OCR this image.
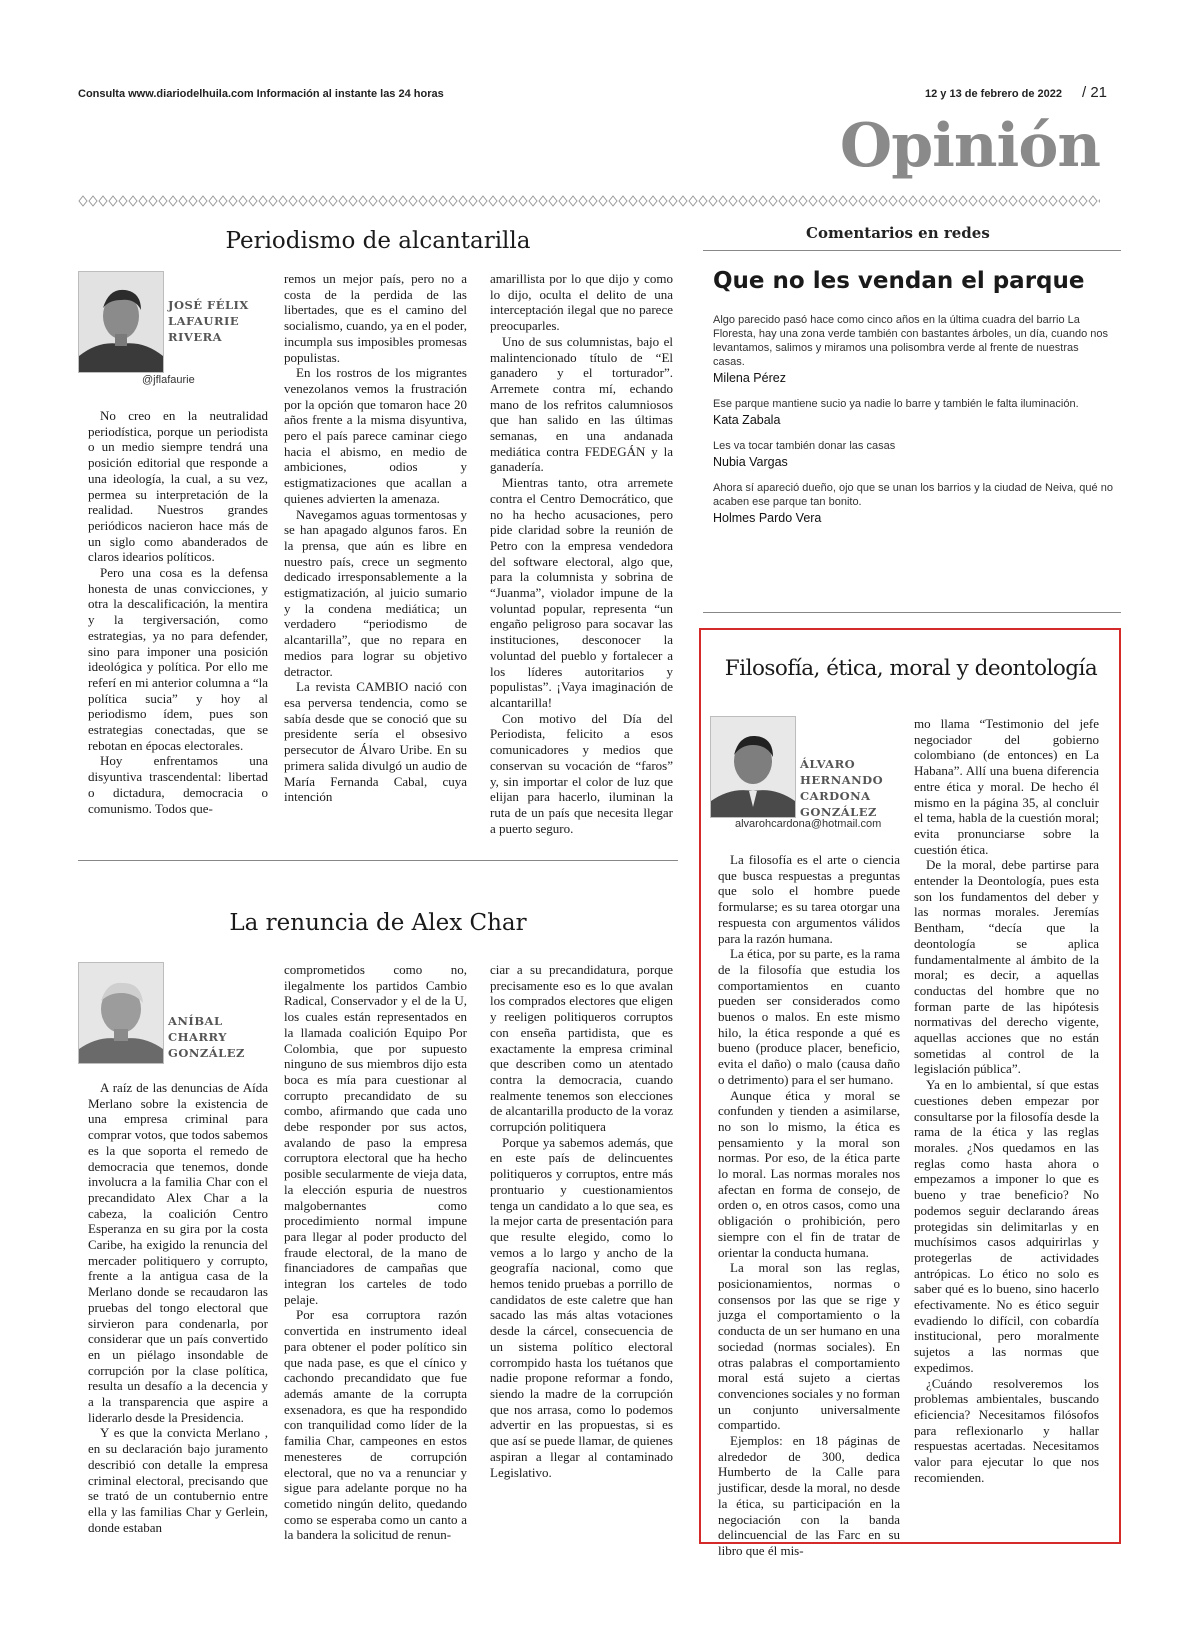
Consulta www.diariodelhuila.com Información al instante las 24 horas	12 y 13 de febrero de 2022 / 21
Opinión
Periodismo de alcantarilla
JOSÉ FÉLIX
LAFAURIE
RIVERA
@jflafaurie

No creo en la neutralidad periodística, porque un periodista o un medio siempre tendrá una posición editorial que responde a una ideología, la cual, a su vez, permea su interpretación de la realidad. Nuestros grandes periódicos nacieron hace más de un siglo como abanderados de claros idearios políticos.

Pero una cosa es la defensa honesta de unas convicciones, y otra la descalificación, la mentira y la tergiversación, como estrategias, ya no para defender, sino para imponer una posición ideológica y política. Por ello me referí en mi anterior columna a “la política sucia” y hoy al periodismo ídem, pues son estrategias conectadas, que se rebotan en épocas electorales.

Hoy enfrentamos una disyuntiva trascendental: libertad o dictadura, democracia o comunismo. Todos que-

remos un mejor país, pero no a costa de la perdida de las libertades, que es el camino del socialismo, cuando, ya en el poder, incumpla sus imposibles promesas populistas.

En los rostros de los migrantes venezolanos vemos la frustración por la opción que tomaron hace 20 años frente a la misma disyuntiva, pero el país parece caminar ciego hacia el abismo, en medio de ambiciones, odios y estigmatizaciones que acallan a quienes advierten la amenaza.

Navegamos aguas tormentosas y se han apagado algunos faros. En la prensa, que aún es libre en nuestro país, crece un segmento dedicado irresponsablemente a la estigmatización, al juicio sumario y la condena mediática; un verdadero “periodismo de alcantarilla”, que no repara en medios para lograr su objetivo detractor.

La revista CAMBIO nació con esa perversa tendencia, como se sabía desde que se conoció que su presidente sería el obsesivo persecutor de Álvaro Uribe. En su primera salida divulgó un audio de María Fernanda Cabal, cuya intención

amarillista por lo que dijo y como lo dijo, oculta el delito de una interceptación ilegal que no parece preocuparles.

Uno de sus columnistas, bajo el malintencionado título de “El ganadero y el torturador”. Arremete contra mí, echando mano de los refritos calumniosos que han salido en las últimas semanas, en una andanada mediática contra FEDEGÁN y la ganadería.

Mientras tanto, otra arremete contra el Centro Democrático, que no ha hecho acusaciones, pero pide claridad sobre la reunión de Petro con la empresa vendedora del software electoral, algo que, para la columnista y sobrina de “Juanma”, violador impune de la voluntad popular, representa “un engaño peligroso para socavar las instituciones, desconocer la voluntad del pueblo y fortalecer a los líderes autoritarios y populistas”. ¡Vaya imaginación de alcantarilla!

Con motivo del Día del Periodista, felicito a esos comunicadores y medios que conservan su vocación de “faros” y, sin importar el color de luz que elijan para hacerlo, iluminan la ruta de un país que necesita llegar a puerto seguro.

Comentarios en redes
Que no les vendan el parque
Algo parecido pasó hace como cinco años en la última cuadra del barrio La Floresta, hay una zona verde también con bastantes árboles, un día, cuando nos levantamos, salimos y miramos una polisombra verde al frente de nuestras casas.
Milena Pérez
Ese parque mantiene sucio ya nadie lo barre y también le falta iluminación.
Kata Zabala
Les va tocar también donar las casas
Nubia Vargas
Ahora sí apareció dueño, ojo que se unan los barrios y la ciudad de Neiva, qué no acaben ese parque tan bonito.
Holmes Pardo Vera
La renuncia de Alex Char
ANÍBAL
CHARRY
GONZÁLEZ

A raíz de las denuncias de Aída Merlano sobre la existencia de una empresa criminal para comprar votos, que todos sabemos es la que soporta el remedo de democracia que tenemos, donde involucra a la familia Char con el precandidato Alex Char a la cabeza, la coalición Centro Esperanza en su gira por la costa Caribe, ha exigido la renuncia del mercader politiquero y corrupto, frente a la antigua casa de la Merlano donde se recaudaron las pruebas del tongo electoral que sirvieron para condenarla, por considerar que un país convertido en un piélago insondable de corrupción por la clase política, resulta un desafío a la decencia y a la transparencia que aspire a liderarlo desde la Presidencia.

Y es que la convicta Merlano , en su declaración bajo juramento describió con detalle la empresa criminal electoral, precisando que se trató de un contubernio entre ella y las familias Char y Gerlein, donde estaban

comprometidos como no, ilegalmente los partidos Cambio Radical, Conservador y el de la U, los cuales están representados en la llamada coalición Equipo Por Colombia, que por supuesto ninguno de sus miembros dijo esta boca es mía para cuestionar al corrupto precandidato de su combo, afirmando que cada uno debe responder por sus actos, avalando de paso la empresa corruptora electoral que ha hecho posible secularmente de vieja data, la elección espuria de nuestros malgobernantes como procedimiento normal impune para llegar al poder producto del fraude electoral, de la mano de financiadores de campañas que integran los carteles de todo pelaje.

Por esa corruptora razón convertida en instrumento ideal para obtener el poder político sin que nada pase, es que el cínico y cachondo precandidato que fue además amante de la corrupta exsenadora, es que ha respondido con tranquilidad como líder de la familia Char, campeones en estos menesteres de corrupción electoral, que no va a renunciar y sigue para adelante porque no ha cometido ningún delito, quedando como se esperaba como un canto a la bandera la solicitud de renun-

ciar a su precandidatura, porque precisamente eso es lo que avalan los comprados electores que eligen y reeligen politiqueros corruptos con enseña partidista, que es exactamente la empresa criminal que describen como un atentado contra la democracia, cuando realmente tenemos son elecciones de alcantarilla producto de la voraz corrupción politiquera

Porque ya sabemos además, que en este país de delincuentes politiqueros y corruptos, entre más prontuario y cuestionamientos tenga un candidato a lo que sea, es la mejor carta de presentación para que resulte elegido, como lo vemos a lo largo y ancho de la geografía nacional, como que hemos tenido pruebas a porrillo de candidatos de este caletre que han sacado las más altas votaciones desde la cárcel, consecuencia de un sistema político electoral corrompido hasta los tuétanos que nadie propone reformar a fondo, siendo la madre de la corrupción que nos arrasa, como lo podemos advertir en las propuestas, si es que así se puede llamar, de quienes aspiran a llegar al contaminado Legislativo.

Filosofía, ética, moral y deontología
ÁLVARO
HERNANDO
CARDONA
GONZÁLEZ
alvarohcardona@hotmail.com

La filosofía es el arte o ciencia que busca respuestas a preguntas que solo el hombre puede formularse; es su tarea otorgar una respuesta con argumentos válidos para la razón humana.

La ética, por su parte, es la rama de la filosofía que estudia los comportamientos en cuanto pueden ser considerados como buenos o malos. En este mismo hilo, la ética responde a qué es bueno (produce placer, beneficio, evita el daño) o malo (causa daño o detrimento) para el ser humano.

Aunque ética y moral se confunden y tienden a asimilarse, no son lo mismo, la ética es pensamiento y la moral son normas. Por eso, de la ética parte lo moral. Las normas morales nos afectan en forma de consejo, de orden o, en otros casos, como una obligación o prohibición, pero siempre con el fin de tratar de orientar la conducta humana.

La moral son las reglas, posicionamientos, normas o consensos por las que se rige y juzga el comportamiento o la conducta de un ser humano en una sociedad (normas sociales). En otras palabras el comportamiento moral está sujeto a ciertas convenciones sociales y no forman un conjunto universalmente compartido.

Ejemplos: en 18 páginas de alrededor de 300, dedica Humberto de la Calle para justificar, desde la moral, no desde la ética, su participación en la negociación con la banda delincuencial de las Farc en su libro que él mis-

mo llama “Testimonio del jefe negociador del gobierno colombiano (de entonces) en La Habana”. Allí una buena diferencia entre ética y moral. De hecho él mismo en la página 35, al concluir el tema, habla de la cuestión moral; evita pronunciarse sobre la cuestión ética.

De la moral, debe partirse para entender la Deontología, pues esta son los fundamentos del deber y las normas morales. Jeremías Bentham, “decía que la deontología se aplica fundamentalmente al ámbito de la moral; es decir, a aquellas conductas del hombre que no forman parte de las hipótesis normativas del derecho vigente, aquellas acciones que no están sometidas al control de la legislación pública”.

Ya en lo ambiental, sí que estas cuestiones deben empezar por consultarse por la filosofía desde la rama de la ética y las reglas morales. ¿Nos quedamos en las reglas como hasta ahora o empezamos a imponer lo que es bueno y trae beneficio? No podemos seguir declarando áreas protegidas sin delimitarlas y en muchísimos casos adquirirlas y protegerlas de actividades antrópicas. Lo ético no solo es saber qué es lo bueno, sino hacerlo efectivamente. No es ético seguir evadiendo lo difícil, con cobardía institucional, pero moralmente sujetos a las normas que expedimos.

¿Cuándo resolveremos los problemas ambientales, buscando eficiencia? Necesitamos filósofos para reflexionarlo y hallar respuestas acertadas. Necesitamos valor para ejecutar lo que nos recomienden.
